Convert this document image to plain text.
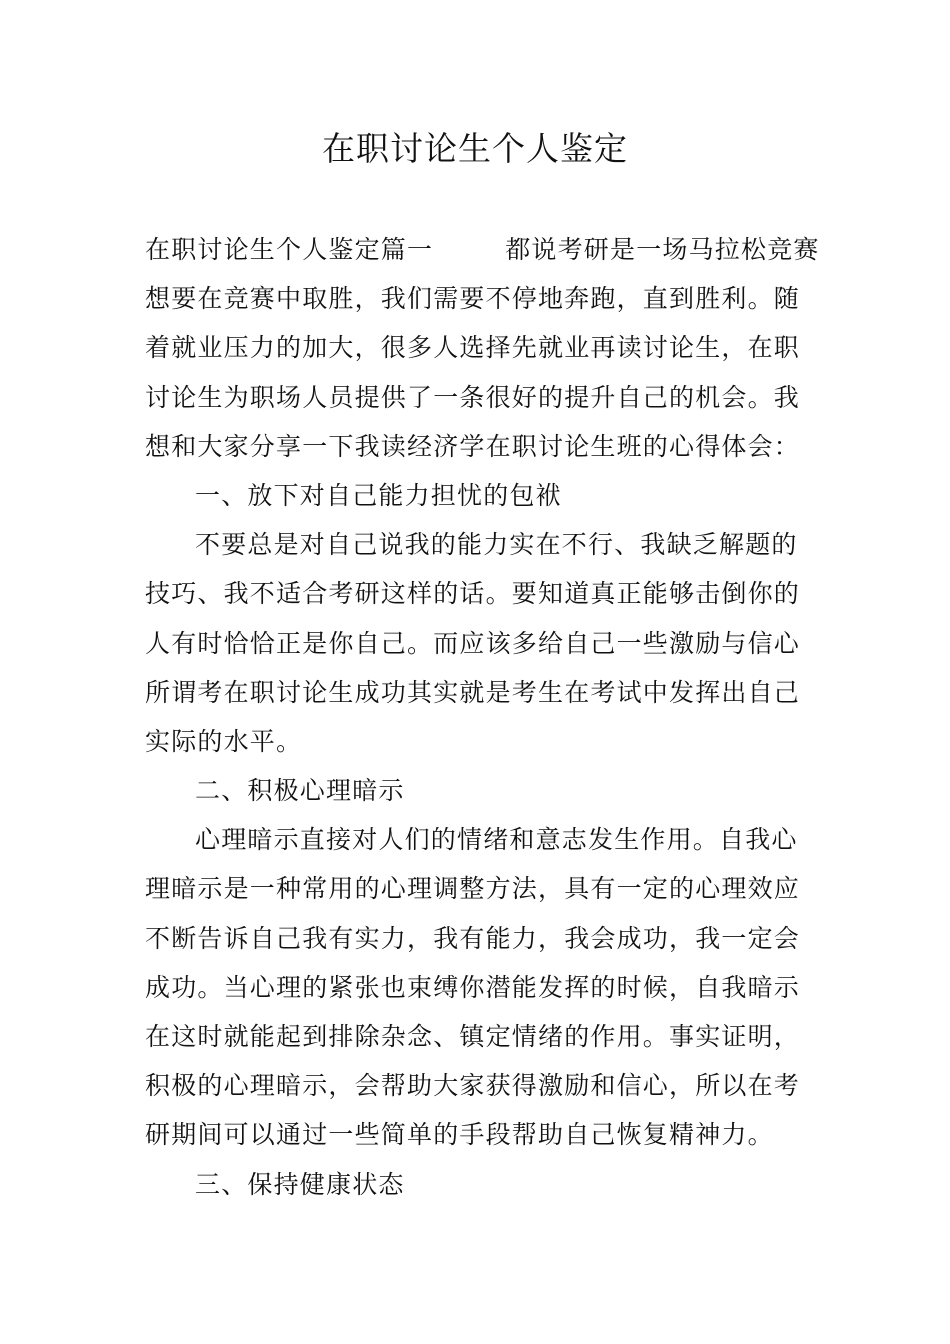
在职讨论生个人鉴定
在职讨论生个人鉴定篇一	都说考研是一场马拉松竞赛
想要在竞赛中取胜，我们需要不停地奔跑，直到胜利。随
着就业压力的加大，很多人选择先就业再读讨论生，在职
讨论生为职场人员提供了一条很好的提升自己的机会。我
想和大家分享一下我读经济学在职讨论生班的心得体会：
一、放下对自己能力担忧的包袱
不要总是对自己说我的能力实在不行、我缺乏解题的
技巧、我不适合考研这样的话。要知道真正能够击倒你的
人有时恰恰正是你自己。而应该多给自己一些激励与信心
所谓考在职讨论生成功其实就是考生在考试中发挥出自己
实际的水平。
二、积极心理暗示
心理暗示直接对人们的情绪和意志发生作用。自我心
理暗示是一种常用的心理调整方法，具有一定的心理效应
不断告诉自己我有实力，我有能力，我会成功，我一定会
成功。当心理的紧张也束缚你潜能发挥的时候，自我暗示
在这时就能起到排除杂念、镇定情绪的作用。事实证明，
积极的心理暗示，会帮助大家获得激励和信心，所以在考
研期间可以通过一些简单的手段帮助自己恢复精神力。
三、保持健康状态
